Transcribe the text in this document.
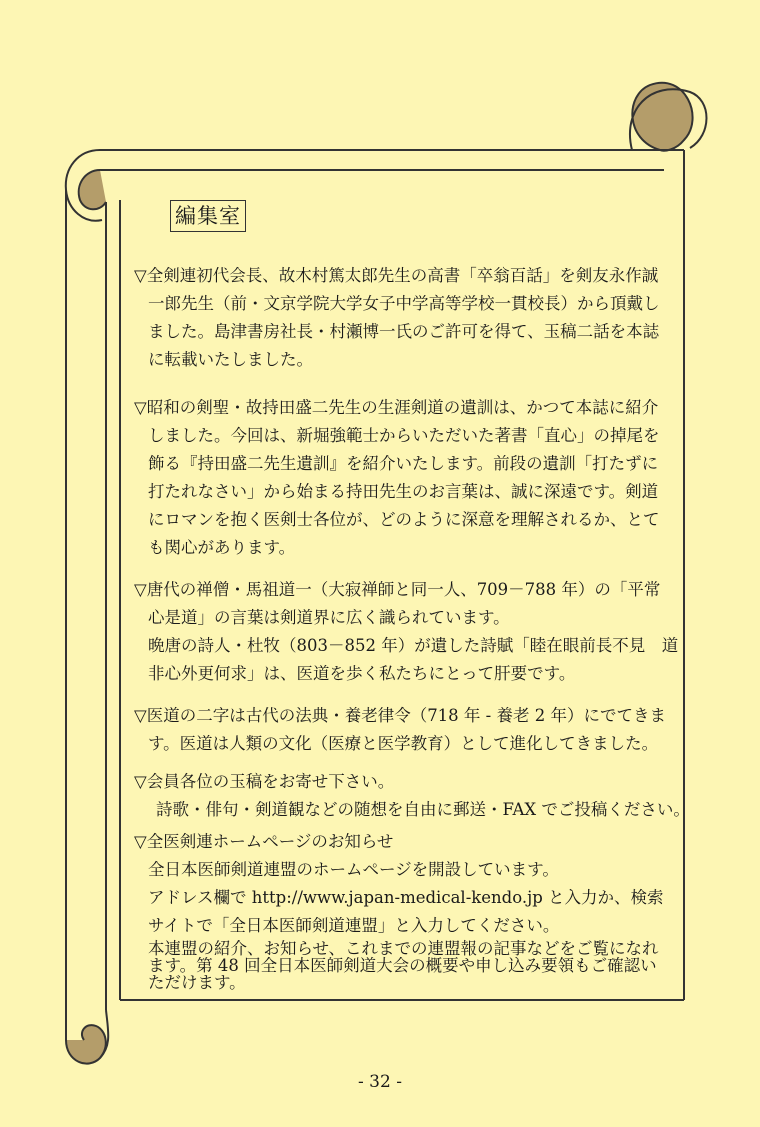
編集室
▽全剣連初代会長、故木村篤太郎先生の高書「卒翁百話」を剣友永作誠
一郎先生（前・文京学院大学女子中学高等学校一貫校長）から頂戴し
ました。島津書房社長・村瀬博一氏のご許可を得て、玉稿二話を本誌
に転載いたしました。
▽昭和の剣聖・故持田盛二先生の生涯剣道の遺訓は、かつて本誌に紹介
しました。今回は、新堀強範士からいただいた著書「直心」の掉尾を
飾る『持田盛二先生遺訓』を紹介いたします。前段の遺訓「打たずに
打たれなさい」から始まる持田先生のお言葉は、誠に深遠です。剣道
にロマンを抱く医剣士各位が、どのように深意を理解されるか、とて
も関心があります。
▽唐代の禅僧・馬祖道一（大寂禅師と同一人、709－788 年）の「平常
心是道」の言葉は剣道界に広く識られています。
晩唐の詩人・杜牧（803－852 年）が遺した詩賦「睦在眼前長不見　道
非心外更何求」は、医道を歩く私たちにとって肝要です。
▽医道の二字は古代の法典・養老律令（718 年 - 養老 2 年）にでてきま
す。医道は人類の文化（医療と医学教育）として進化してきました。
▽会員各位の玉稿をお寄せ下さい。
詩歌・俳句・剣道観などの随想を自由に郵送・FAX でご投稿ください。
▽全医剣連ホームページのお知らせ
全日本医師剣道連盟のホームページを開設しています。
アドレス欄で http://www.japan-medical-kendo.jp と入力か、検索
サイトで「全日本医師剣道連盟」と入力してください。
本連盟の紹介、お知らせ、これまでの連盟報の記事などをご覧になれ
ます。第 48 回全日本医師剣道大会の概要や申し込み要領もご確認い
ただけます。
- 32 -
